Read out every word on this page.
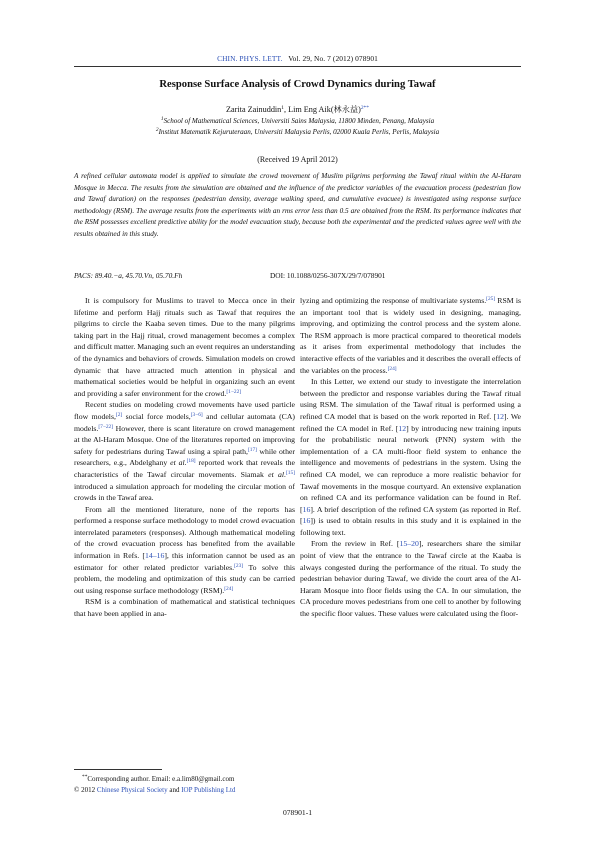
CHIN. PHYS. LETT. Vol. 29, No. 7 (2012) 078901
Response Surface Analysis of Crowd Dynamics during Tawaf
Zarita Zainuddin$^1$, Lim Eng Aik(林永益)$^{2**}$
$^1$School of Mathematical Sciences, Universiti Sains Malaysia, 11800 Minden, Penang, Malaysia
$^2$Institut Matematik Kejuruteraan, Universiti Malaysia Perlis, 02000 Kuala Perlis, Perlis, Malaysia
(Received 19 April 2012)
A refined cellular automata model is applied to simulate the crowd movement of Muslim pilgrims performing the Tawaf ritual within the Al-Haram Mosque in Mecca. The results from the simulation are obtained and the influence of the predictor variables of the evacuation process (pedestrian flow and Tawaf duration) on the responses (pedestrian density, average walking speed, and cumulative evacuee) is investigated using response surface methodology (RSM). The average results from the experiments with an rms error less than 0.5 are obtained from the RSM. Its performance indicates that the RSM possesses excellent predictive ability for the model evacuation study, because both the experimental and the predicted values agree well with the results obtained in this study.
PACS: 89.40.−a, 45.70.Vn, 05.70.Fh	DOI: 10.1088/0256-307X/29/7/078901

It is compulsory for Muslims to travel to Mecca once in their lifetime and perform Hajj rituals such as Tawaf that requires the pilgrims to circle the Kaaba seven times. Due to the many pilgrims taking part in the Hajj ritual, crowd management becomes a complex and difficult matter. Managing such an event requires an understanding of the dynamics and behaviors of crowds. Simulation models on crowd dynamic that have attracted much attention in physical and mathematical societies would be helpful in organizing such an event and providing a safer environment for the crowd.[1−22]

Recent studies on modeling crowd movements have used particle flow models,[2] social force models,[3−6] and cellular automata (CA) models.[7−22] However, there is scant literature on crowd management at the Al-Haram Mosque. One of the literatures reported on improving safety for pedestrians during Tawaf using a spiral path,[17] while other researchers, e.g., Abdelghany et al.[18] reported work that reveals the characteristics of the Tawaf circular movements. Siamak et al.[15] introduced a simulation approach for modeling the circular motion of crowds in the Tawaf area.

From all the mentioned literature, none of the reports has performed a response surface methodology to model crowd evacuation interrelated parameters (responses). Although mathematical modeling of the crowd evacuation process has benefited from the available information in Refs. [14–16], this information cannot be used as an estimator for other related predictor variables.[23] To solve this problem, the modeling and optimization of this study can be carried out using response surface methodology (RSM).[24]

RSM is a combination of mathematical and statistical techniques that have been applied in ana-

lyzing and optimizing the response of multivariate systems.[25] RSM is an important tool that is widely used in designing, managing, improving, and optimizing the control process and the system alone. The RSM approach is more practical compared to theoretical models as it arises from experimental methodology that includes the interactive effects of the variables and it describes the overall effects of the variables on the process.[24]

In this Letter, we extend our study to investigate the interrelation between the predictor and response variables during the Tawaf ritual using RSM. The simulation of the Tawaf ritual is performed using a refined CA model that is based on the work reported in Ref. [12]. We refined the CA model in Ref. [12] by introducing new training inputs for the probabilistic neural network (PNN) system with the implementation of a CA multi-floor field system to enhance the intelligence and movements of pedestrians in the system. Using the refined CA model, we can reproduce a more realistic behavior for Tawaf movements in the mosque courtyard. An extensive explanation on refined CA and its performance validation can be found in Ref. [16]. A brief description of the refined CA system (as reported in Ref. [16]) is used to obtain results in this study and it is explained in the following text.

From the review in Ref. [15–20], researchers share the similar point of view that the entrance to the Tawaf circle at the Kaaba is always congested during the performance of the ritual. To study the pedestrian behavior during Tawaf, we divide the court area of the Al-Haram Mosque into floor fields using the CA. In our simulation, the CA procedure moves pedestrians from one cell to another by following the specific floor values. These values were calculated using the floor-

**Corresponding author. Email: e.a.lim80@gmail.com
© 2012 Chinese Physical Society and IOP Publishing Ltd
078901-1
